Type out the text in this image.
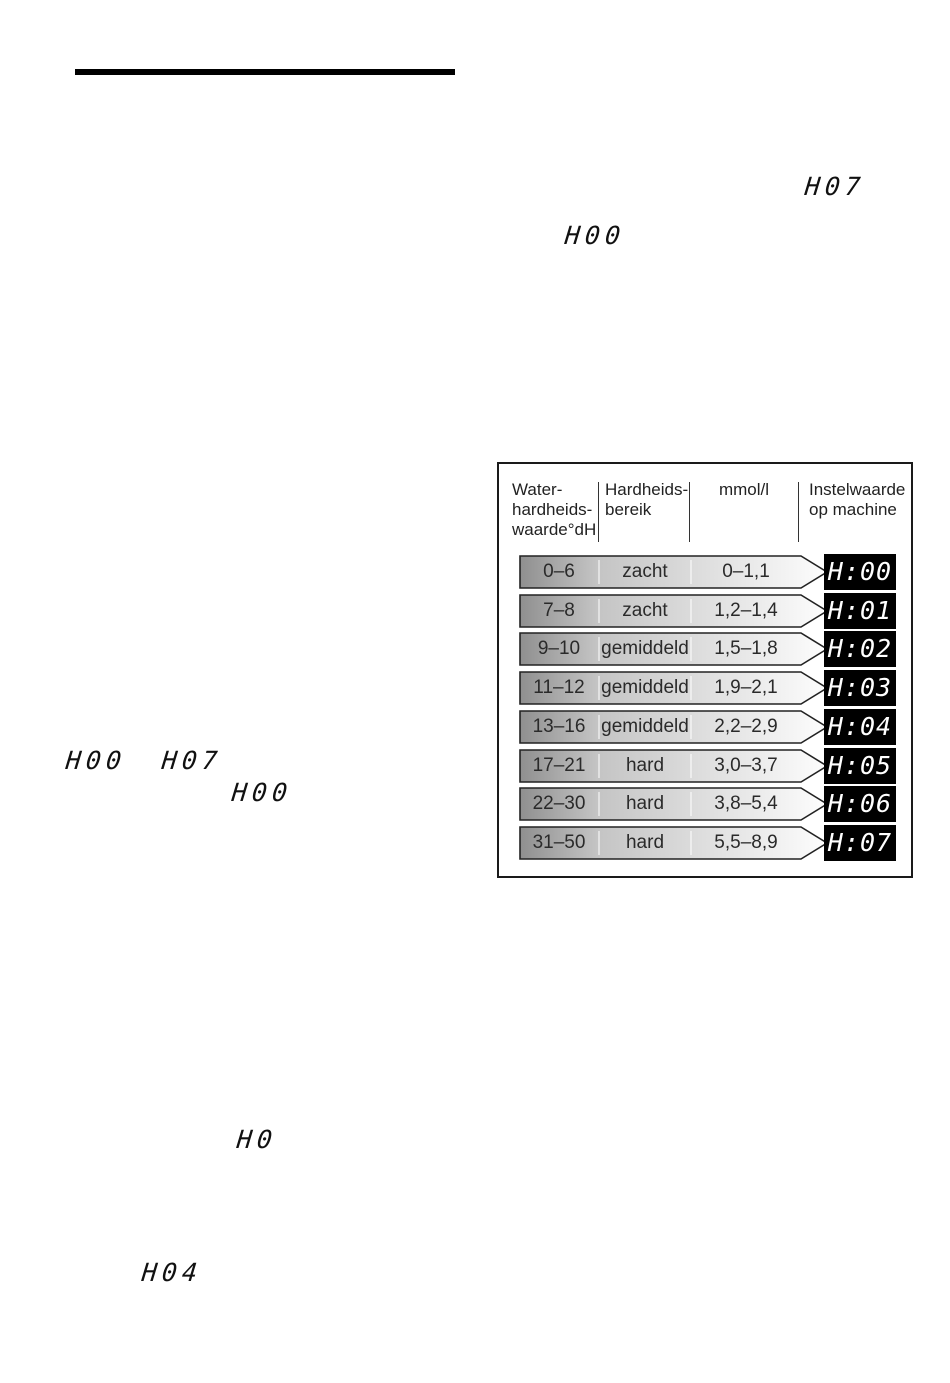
H07
H00
H00 H07
H00
H0
H04
Water-
hardheids-
waarde°dH
Hardheids-
bereik
mmol/l	Instelwaarde
op machine
0–6	zacht	0–1,1	H:00
7–8	zacht	1,2–1,4	H:01
9–10	gemiddeld	1,5–1,8	H:02
11–12 gemiddeld	1,9–2,1	H:03
13–16 gemiddeld	2,2–2,9	H:04
17–21	hard	3,0–3,7	H:05
22–30	hard	3,8–5,4	H:06
31–50	hard	5,5–8,9	H:07
